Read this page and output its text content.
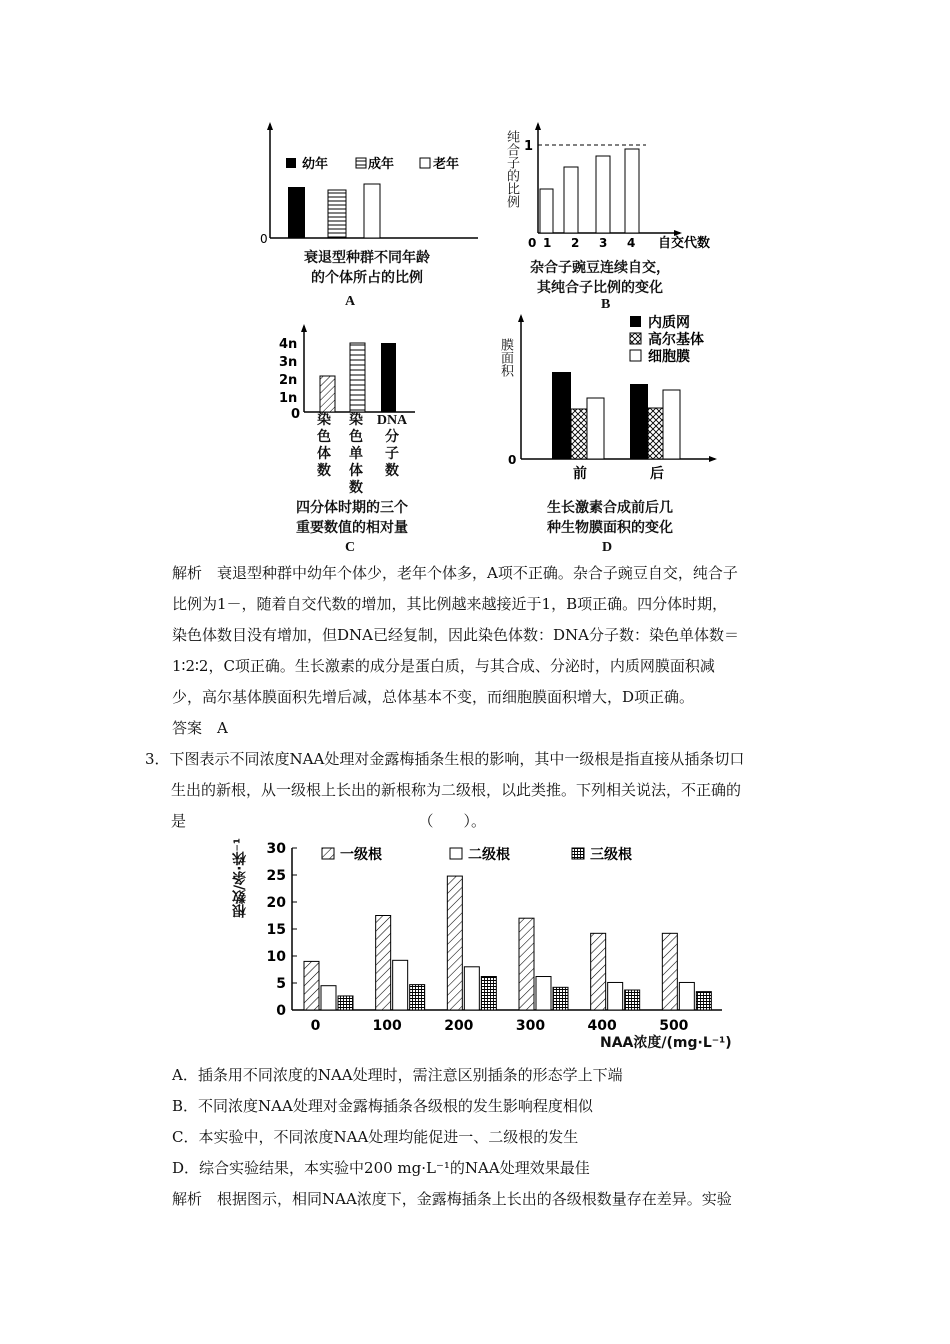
0
幼年	成年	老年
衰退型种群不同年龄
的个体所占的比例
A
纯合子的比例 1
0 1 2 3 4 自交代数
杂合子豌豆连续自交，
其纯合子比例的变化
B
4n
3n
2n
1n
0 染
色
体
数
染
色
单
体
数
DNA
分
子
数
四分体时期的三个
重要数值的相对量
C
膜面积
内质网
高尔基体
细胞膜
0
前	后
生长激素合成前后几
种生物膜面积的变化
D
解析　衰退型种群中幼年个体少，老年个体多，A项不正确。杂合子豌豆自交，纯合子
比例为1－，随着自交代数的增加，其比例越来越接近于1，B项正确。四分体时期，
染色体数目没有增加，但DNA已经复制，因此染色体数：DNA分子数：染色单体数＝
1∶2∶2，C项正确。生长激素的成分是蛋白质，与其合成、分泌时，内质网膜面积减
少，高尔基体膜面积先增后减，总体基本不变，而细胞膜面积增大，D项正确。
答案　A
3．下图表示不同浓度NAA处理对金露梅插条生根的影响，其中一级根是指直接从插条切口
生出的新根，从一级根上长出的新根称为二级根，以此类推。下列相关说法，不正确的
是　　　　　　　　　　　　　　　　（　　）。
根数/条·株⁻¹
0
5
10
15
20
25
30
0	100	200	300	400	500
一级根	二级根	三级根
NAA浓度/(mg·L⁻¹)
A．插条用不同浓度的NAA处理时，需注意区别插条的形态学上下端
B．不同浓度NAA处理对金露梅插条各级根的发生影响程度相似
C．本实验中，不同浓度NAA处理均能促进一、二级根的发生
D．综合实验结果，本实验中200 mg·L⁻¹的NAA处理效果最佳
解析　根据图示，相同NAA浓度下，金露梅插条上长出的各级根数量存在差异。实验
